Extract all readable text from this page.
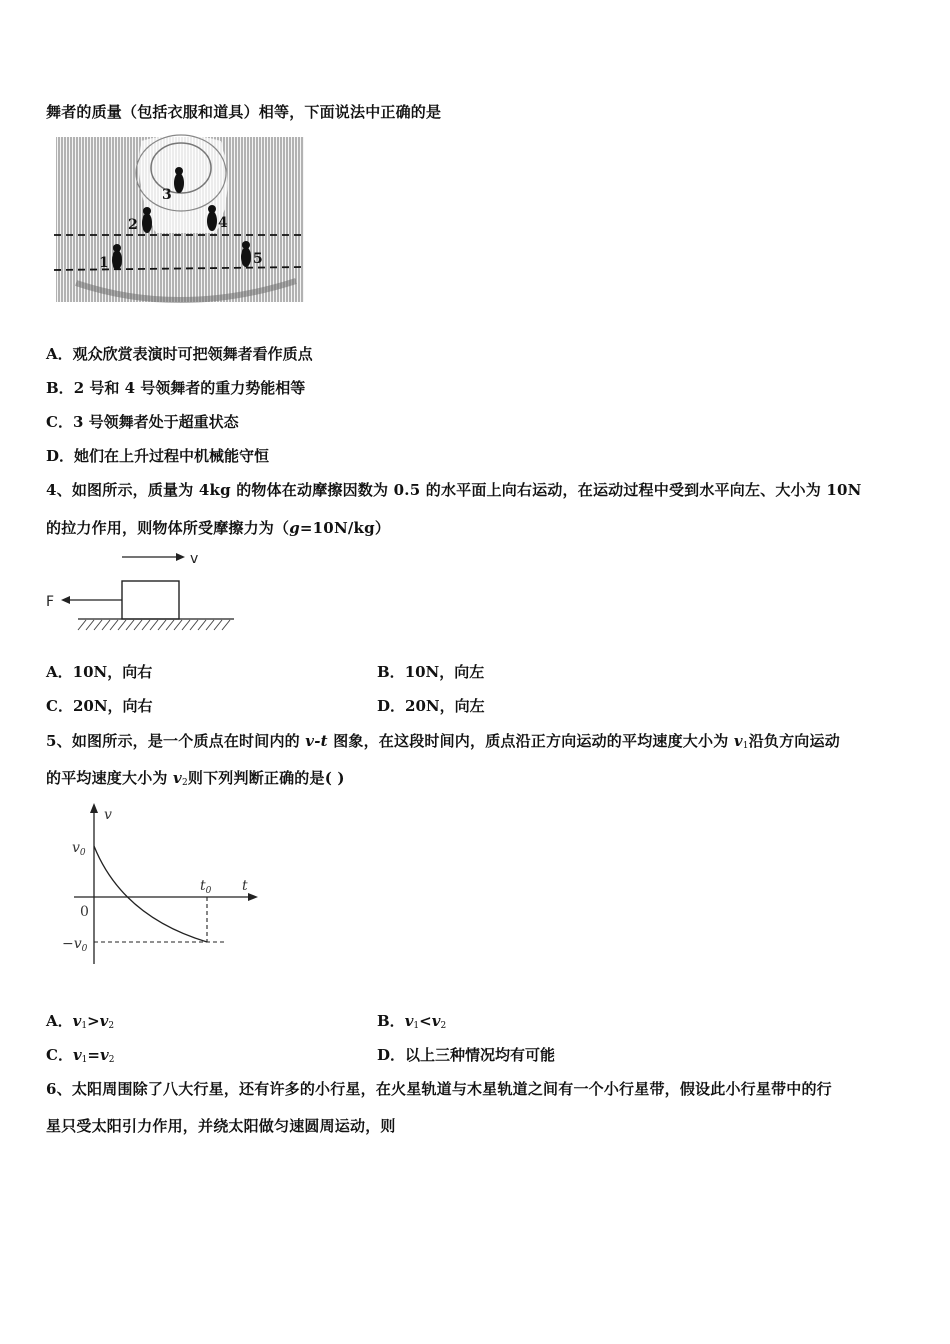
舞者的质量（包括衣服和道具）相等，下面说法中正确的是
3
2	4
1	5
A．观众欣赏表演时可把领舞者看作质点
B．2 号和 4 号领舞者的重力势能相等
C．3 号领舞者处于超重状态
D．她们在上升过程中机械能守恒
4、如图所示，质量为 4kg 的物体在动摩擦因数为 0.5 的水平面上向右运动，在运动过程中受到水平向左、大小为 10N
的拉力作用，则物体所受摩擦力为（g=10N/kg）
v
F
A．10N，向右	B．10N，向左
C．20N，向右	D．20N，向左
5、如图所示，是一个质点在时间内的 v-t 图象，在这段时间内，质点沿正方向运动的平均速度大小为 $v_1$沿负方向运动
的平均速度大小为 $v_2$则下列判断正确的是( )
v
t
$v_0$
$t_0$
0
$-v_0$
A．$v_1>v_2$	B．$v_1<v_2$
C．$v_1=v_2$	D．以上三种情况均有可能
6、太阳周围除了八大行星，还有许多的小行星，在火星轨道与木星轨道之间有一个小行星带，假设此小行星带中的行
星只受太阳引力作用，并绕太阳做匀速圆周运动，则
